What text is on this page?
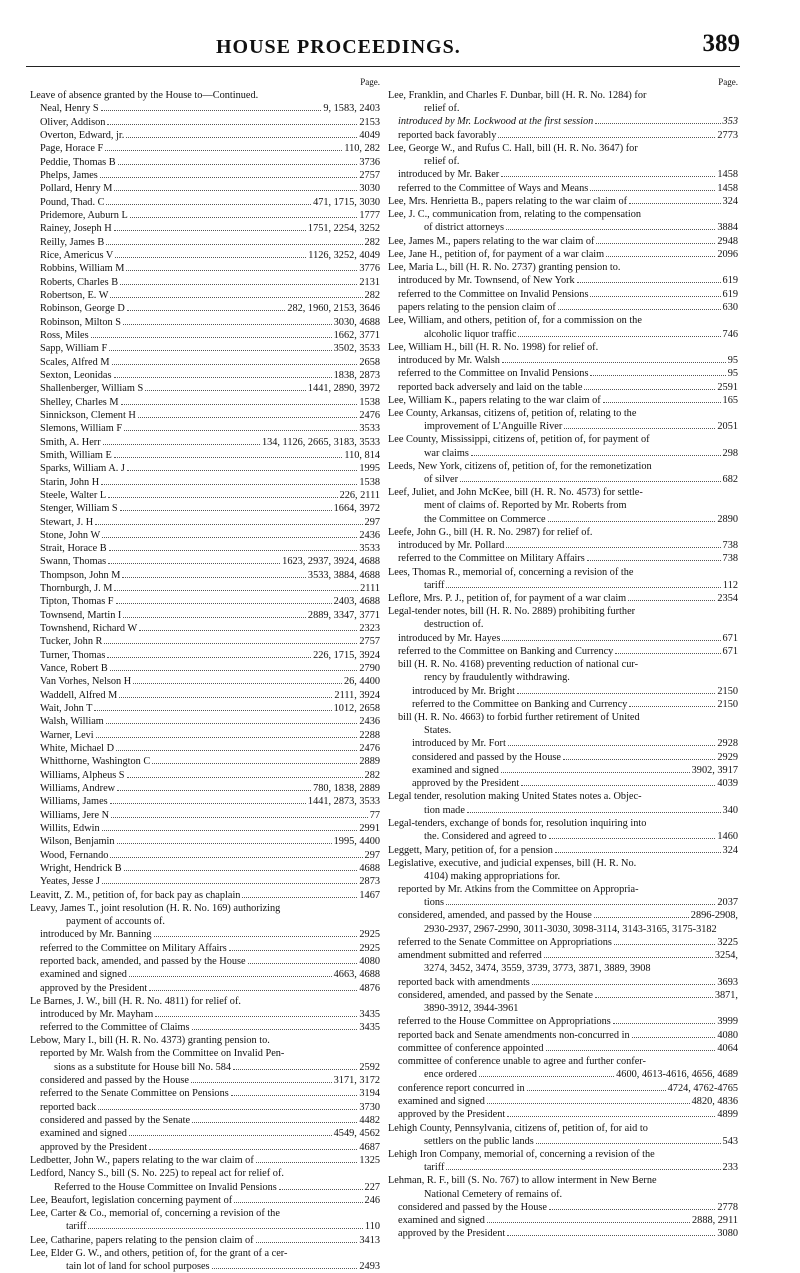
HOUSE PROCEEDINGS.	389
Page.
Leave of absence granted by the House to—Continued.
Neal, Henry S	9, 1583, 2403
Oliver, Addison	2153
Overton, Edward, jr.	4049
Page, Horace F	110, 282
Peddie, Thomas B	3736
Phelps, James	2757
Pollard, Henry M	3030
Pound, Thad. C	471, 1715, 3030
Pridemore, Auburn L	1777
Rainey, Joseph H	1751, 2254, 3252
Reilly, James B	282
Rice, Americus V	1126, 3252, 4049
Robbins, William M	3776
Roberts, Charles B	2131
Robertson, E. W	282
Robinson, George D	282, 1960, 2153, 3646
Robinson, Milton S	3030, 4688
Ross, Miles	1662, 3771
Sapp, William F	3502, 3533
Scales, Alfred M	2658
Sexton, Leonidas	1838, 2873
Shallenberger, William S	1441, 2890, 3972
Shelley, Charles M	1538
Sinnickson, Clement H	2476
Slemons, William F	3533
Smith, A. Herr	134, 1126, 2665, 3183, 3533
Smith, William E	110, 814
Sparks, William A. J	1995
Starin, John H	1538
Steele, Walter L	226, 2111
Stenger, William S	1664, 3972
Stewart, J. H	297
Stone, John W	2436
Strait, Horace B	3533
Swann, Thomas	1623, 2937, 3924, 4688
Thompson, John M	3533, 3884, 4688
Thornburgh, J. M	2111
Tipton, Thomas F	2403, 4688
Townsend, Martin I	2889, 3347, 3771
Townshend, Richard W	2323
Tucker, John R	2757
Turner, Thomas	226, 1715, 3924
Vance, Robert B	2790
Van Vorhes, Nelson H	26, 4400
Waddell, Alfred M	2111, 3924
Wait, John T	1012, 2658
Walsh, William	2436
Warner, Levi	2288
White, Michael D	2476
Whitthorne, Washington C	2889
Williams, Alpheus S	282
Williams, Andrew	780, 1838, 2889
Williams, James	1441, 2873, 3533
Williams, Jere N	77
Willits, Edwin	2991
Wilson, Benjamin	1995, 4400
Wood, Fernando	297
Wright, Hendrick B	4688
Yeates, Jesse J	2873
Leavitt, Z. M., petition of, for back pay as chaplain	1467
Leavy, James T., joint resolution (H. R. No. 169) authorizing
payment of accounts of.
introduced by Mr. Banning	2925
referred to the Committee on Military Affairs	2925
reported back, amended, and passed by the House	4080
examined and signed	4663, 4688
approved by the President	4876
Le Barnes, J. W., bill (H. R. No. 4811) for relief of.
introduced by Mr. Mayham	3435
referred to the Committee of Claims	3435
Lebow, Mary I., bill (H. R. No. 4373) granting pension to.
reported by Mr. Walsh from the Committee on Invalid Pen-
sions as a substitute for House bill No. 584	2592
considered and passed by the House	3171, 3172
referred to the Senate Committee on Pensions	3194
reported back	3730
considered and passed by the Senate	4482
examined and signed	4549, 4562
approved by the President	4687
Ledbetter, John W., papers relating to the war claim of	1325
Ledford, Nancy S., bill (S. No. 225) to repeal act for relief of.
Referred to the House Committee on Invalid Pensions	227
Lee, Beaufort, legislation concerning payment of	246
Lee, Carter & Co., memorial of, concerning a revision of the
tariff	110
Lee, Catharine, papers relating to the pension claim of	3413
Lee, Elder G. W., and others, petition of, for the grant of a cer-
tain lot of land for school purposes	2493
Page.
Lee, Franklin, and Charles F. Dunbar, bill (H. R. No. 1284) for
relief of.
introduced by Mr. Lockwood at the first session	353
reported back favorably	2773
Lee, George W., and Rufus C. Hall, bill (H. R. No. 3647) for
relief of.
introduced by Mr. Baker	1458
referred to the Committee of Ways and Means	1458
Lee, Mrs. Henrietta B., papers relating to the war claim of	324
Lee, J. C., communication from, relating to the compensation
of district attorneys	3884
Lee, James M., papers relating to the war claim of	2948
Lee, Jane H., petition of, for payment of a war claim	2096
Lee, Maria L., bill (H. R. No. 2737) granting pension to.
introduced by Mr. Townsend, of New York	619
referred to the Committee on Invalid Pensions	619
papers relating to the pension claim of	630
Lee, William, and others, petition of, for a commission on the
alcoholic liquor traffic	746
Lee, William H., bill (H. R. No. 1998) for relief of.
introduced by Mr. Walsh	95
referred to the Committee on Invalid Pensions	95
reported back adversely and laid on the table	2591
Lee, William K., papers relating to the war claim of	165
Lee County, Arkansas, citizens of, petition of, relating to the
improvement of L'Anguille River	2051
Lee County, Mississippi, citizens of, petition of, for payment of
war claims	298
Leeds, New York, citizens of, petition of, for the remonetization
of silver	682
Leef, Juliet, and John McKee, bill (H. R. No. 4573) for settle-
ment of claims of. Reported by Mr. Roberts from
the Committee on Commerce	2890
Leefe, John G., bill (H. R. No. 2987) for relief of.
introduced by Mr. Pollard	738
referred to the Committee on Military Affairs	738
Lees, Thomas R., memorial of, concerning a revision of the
tariff	112
Leflore, Mrs. P. J., petition of, for payment of a war claim	2354
Legal-tender notes, bill (H. R. No. 2889) prohibiting further
destruction of.
introduced by Mr. Hayes	671
referred to the Committee on Banking and Currency	671
bill (H. R. No. 4168) preventing reduction of national cur-
rency by fraudulently withdrawing.
introduced by Mr. Bright	2150
referred to the Committee on Banking and Currency	2150
bill (H. R. No. 4663) to forbid further retirement of United
States.
introduced by Mr. Fort	2928
considered and passed by the House	2929
examined and signed	3902, 3917
approved by the President	4039
Legal tender, resolution making United States notes a. Objec-
tion made	340
Legal-tenders, exchange of bonds for, resolution inquiring into
the. Considered and agreed to	1460
Leggett, Mary, petition of, for a pension	324
Legislative, executive, and judicial expenses, bill (H. R. No.
4104) making appropriations for.
reported by Mr. Atkins from the Committee on Appropria-
tions	2037
considered, amended, and passed by the House	2896-2908,
2930-2937, 2967-2990, 3011-3030, 3098-3114, 3143-3165, 3175-3182
referred to the Senate Committee on Appropriations	3225
amendment submitted and referred	3254,
3274, 3452, 3474, 3559, 3739, 3773, 3871, 3889, 3908
reported back with amendments	3693
considered, amended, and passed by the Senate	3871,
3890-3912, 3944-3961
referred to the House Committee on Appropriations	3999
reported back and Senate amendments non-concurred in	4080
committee of conference appointed	4064
committee of conference unable to agree and further confer-
ence ordered	4600, 4613-4616, 4656, 4689
conference report concurred in	4724, 4762-4765
examined and signed	4820, 4836
approved by the President	4899
Lehigh County, Pennsylvania, citizens of, petition of, for aid to
settlers on the public lands	543
Lehigh Iron Company, memorial of, concerning a revision of the
tariff	233
Lehman, R. F., bill (S. No. 767) to allow interment in New Berne
National Cemetery of remains of.
considered and passed by the House	2778
examined and signed	2888, 2911
approved by the President	3080
